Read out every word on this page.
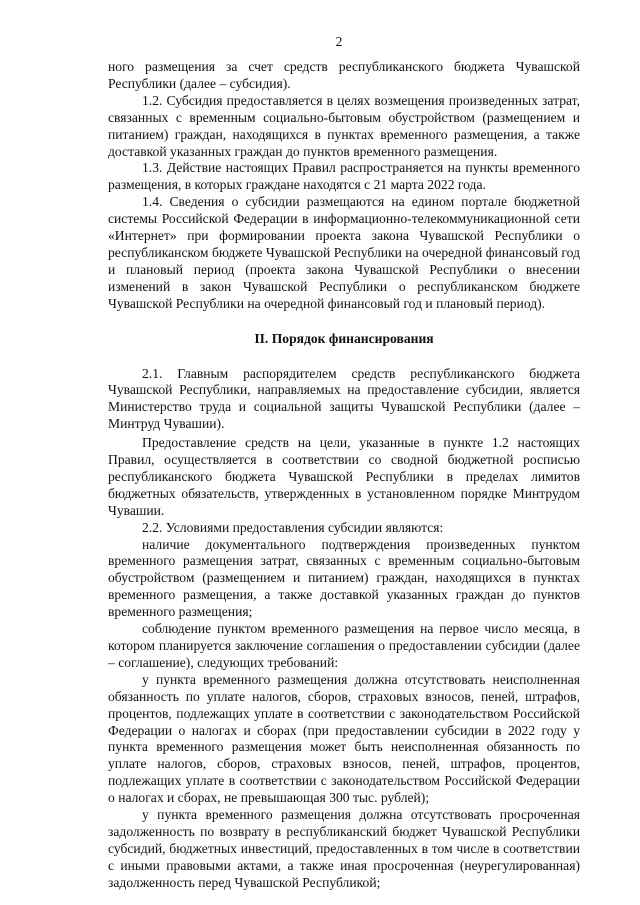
2

ного размещения за счет средств республиканского бюджета Чувашской Республики (далее – субсидия).

1.2. Субсидия предоставляется в целях возмещения произведенных затрат, связанных с временным социально-бытовым обустройством (размещением и питанием) граждан, находящихся в пунктах временного размещения, а также доставкой указанных граждан до пунктов временного размещения.

1.3. Действие настоящих Правил распространяется на пункты временного размещения, в которых граждане находятся с 21 марта 2022 года.

1.4. Сведения о субсидии размещаются на едином портале бюджетной системы Российской Федерации в информационно-телекоммуникационной сети «Интернет» при формировании проекта закона Чувашской Республики о республиканском бюджете Чувашской Республики на очередной финансовый год и плановый период (проекта закона Чувашской Республики о внесении изменений в закон Чувашской Республики о республиканском бюджете Чувашской Республики на очередной финансовый год и плановый период).

II. Порядок финансирования

2.1. Главным распорядителем средств республиканского бюджета Чувашской Республики, направляемых на предоставление субсидии, является Министерство труда и социальной защиты Чувашской Республики (далее – Минтруд Чувашии).

Предоставление средств на цели, указанные в пункте 1.2 настоящих Правил, осуществляется в соответствии со сводной бюджетной росписью республиканского бюджета Чувашской Республики в пределах лимитов бюджетных обязательств, утвержденных в установленном порядке Минтрудом Чувашии.

2.2. Условиями предоставления субсидии являются:

наличие документального подтверждения произведенных пунктом временного размещения затрат, связанных с временным социально-бытовым обустройством (размещением и питанием) граждан, находящихся в пунктах временного размещения, а также доставкой указанных граждан до пунктов временного размещения;

соблюдение пунктом временного размещения на первое число месяца, в котором планируется заключение соглашения о предоставлении субсидии (далее – соглашение), следующих требований:

у пункта временного размещения должна отсутствовать неисполненная обязанность по уплате налогов, сборов, страховых взносов, пеней, штрафов, процентов, подлежащих уплате в соответствии с законодательством Российской Федерации о налогах и сборах (при предоставлении субсидии в 2022 году у пункта временного размещения может быть неисполненная обязанность по уплате налогов, сборов, страховых взносов, пеней, штрафов, процентов, подлежащих уплате в соответствии с законодательством Российской Федерации о налогах и сборах, не превышающая 300 тыс. рублей);

у пункта временного размещения должна отсутствовать просроченная задолженность по возврату в республиканский бюджет Чувашской Республики субсидий, бюджетных инвестиций, предоставленных в том числе в соответствии с иными правовыми актами, а также иная просроченная (неурегулированная) задолженность перед Чувашской Республикой;
